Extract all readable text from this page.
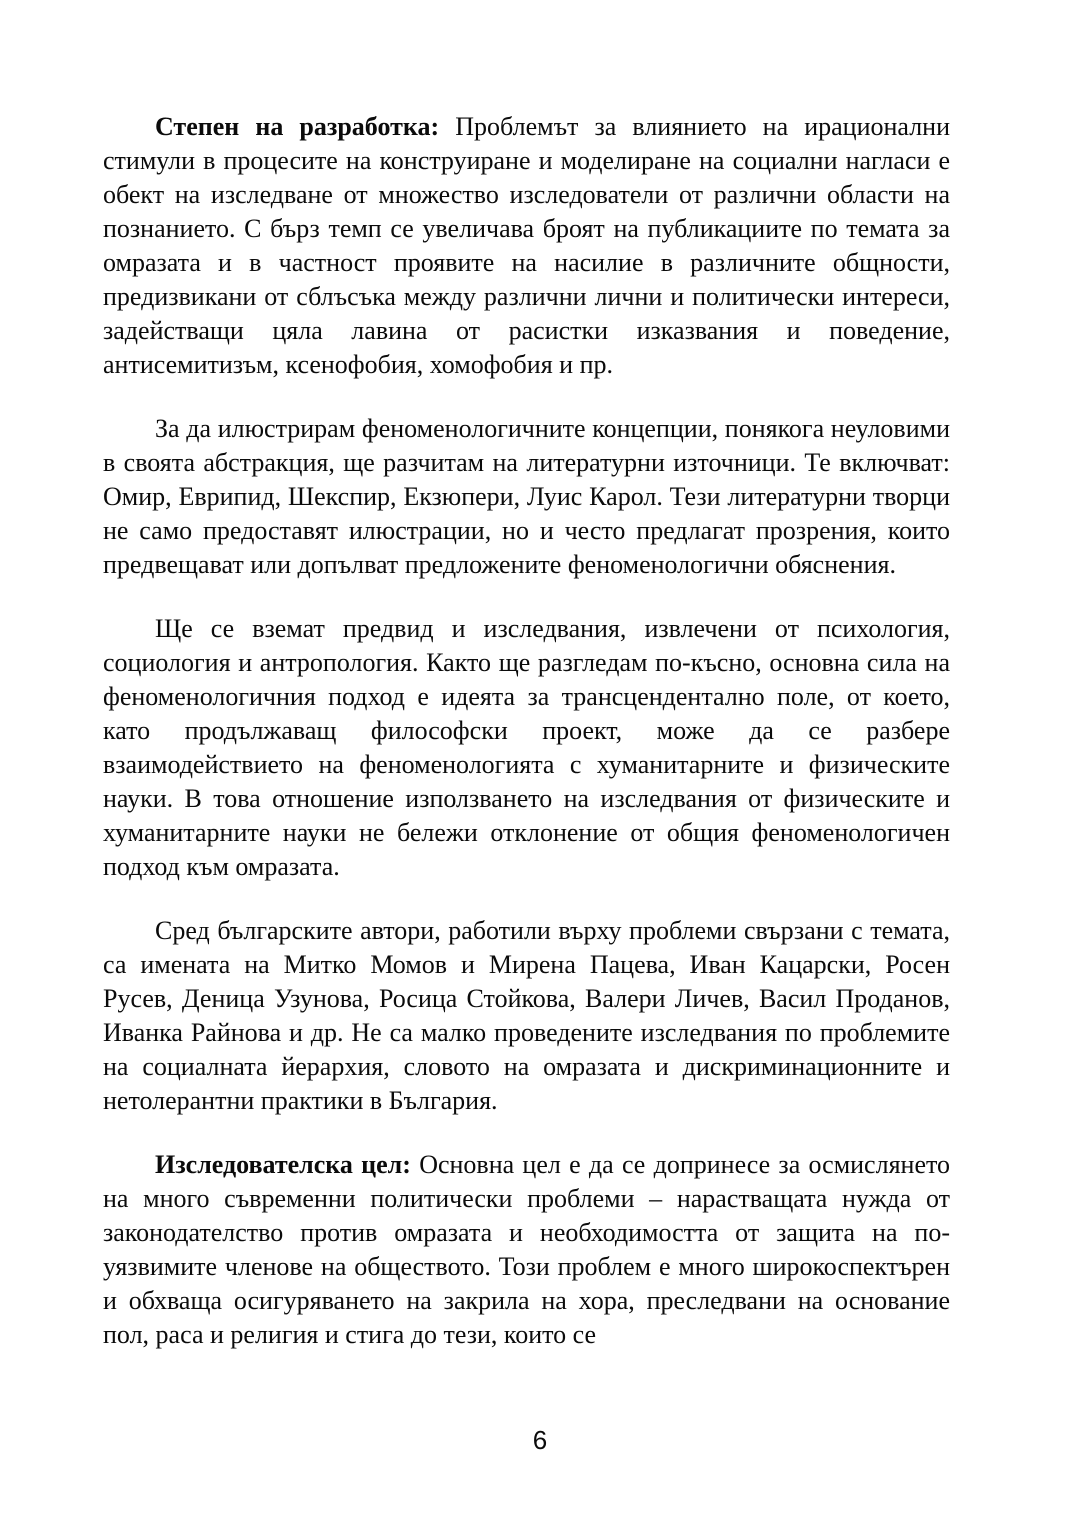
Степен на разработка: Проблемът за влиянието на ирационални стимули в процесите на конструиране и моделиране на социални нагласи е обект на изследване от множество изследователи от различни области на познанието. С бърз темп се увеличава броят на публикациите по темата за омразата и в частност проявите на насилие в различните общности, предизвикани от сблъсъка между различни лични и политически интереси, задействащи цяла лавина от расистки изказвания и поведение, антисемитизъм, ксенофобия, хомофобия и пр.

За да илюстрирам феноменологичните концепции, понякога неуловими в своята абстракция, ще разчитам на литературни източници. Те включват: Омир, Еврипид, Шекспир, Екзюпери, Луис Карол. Тези литературни творци не само предоставят илюстрации, но и често предлагат прозрения, които предвещават или допълват предложените феноменологични обяснения.

Ще се вземат предвид и изследвания, извлечени от психология, социология и антропология. Както ще разгледам по-късно, основна сила на феноменологичния подход е идеята за трансцендентално поле, от което, като продължаващ философски проект, може да се разбере взаимодействието на феноменологията с хуманитарните и физическите науки. В това отношение използването на изследвания от физическите и хуманитарните науки не бележи отклонение от общия феноменологичен подход към омразата.

Сред българските автори, работили върху проблеми свързани с темата, са имената на Митко Момов и Мирена Пацева, Иван Кацарски, Росен Русев, Деница Узунова, Росица Стойкова, Валери Личев, Васил Проданов, Иванка Райнова и др. Не са малко проведените изследвания по проблемите на социалната йерархия, словото на омразата и дискриминационните и нетолерантни практики в България.

Изследователска цел: Основна цел е да се допринесе за осмислянето на много съвременни политически проблеми – нарастващата нужда от законодателство против омразата и необходимостта от защита на по-уязвимите членове на обществото. Този проблем е много широкоспектърен и обхваща осигуряването на закрила на хора, преследвани на основание пол, раса и религия и стига до тези, които се

6
